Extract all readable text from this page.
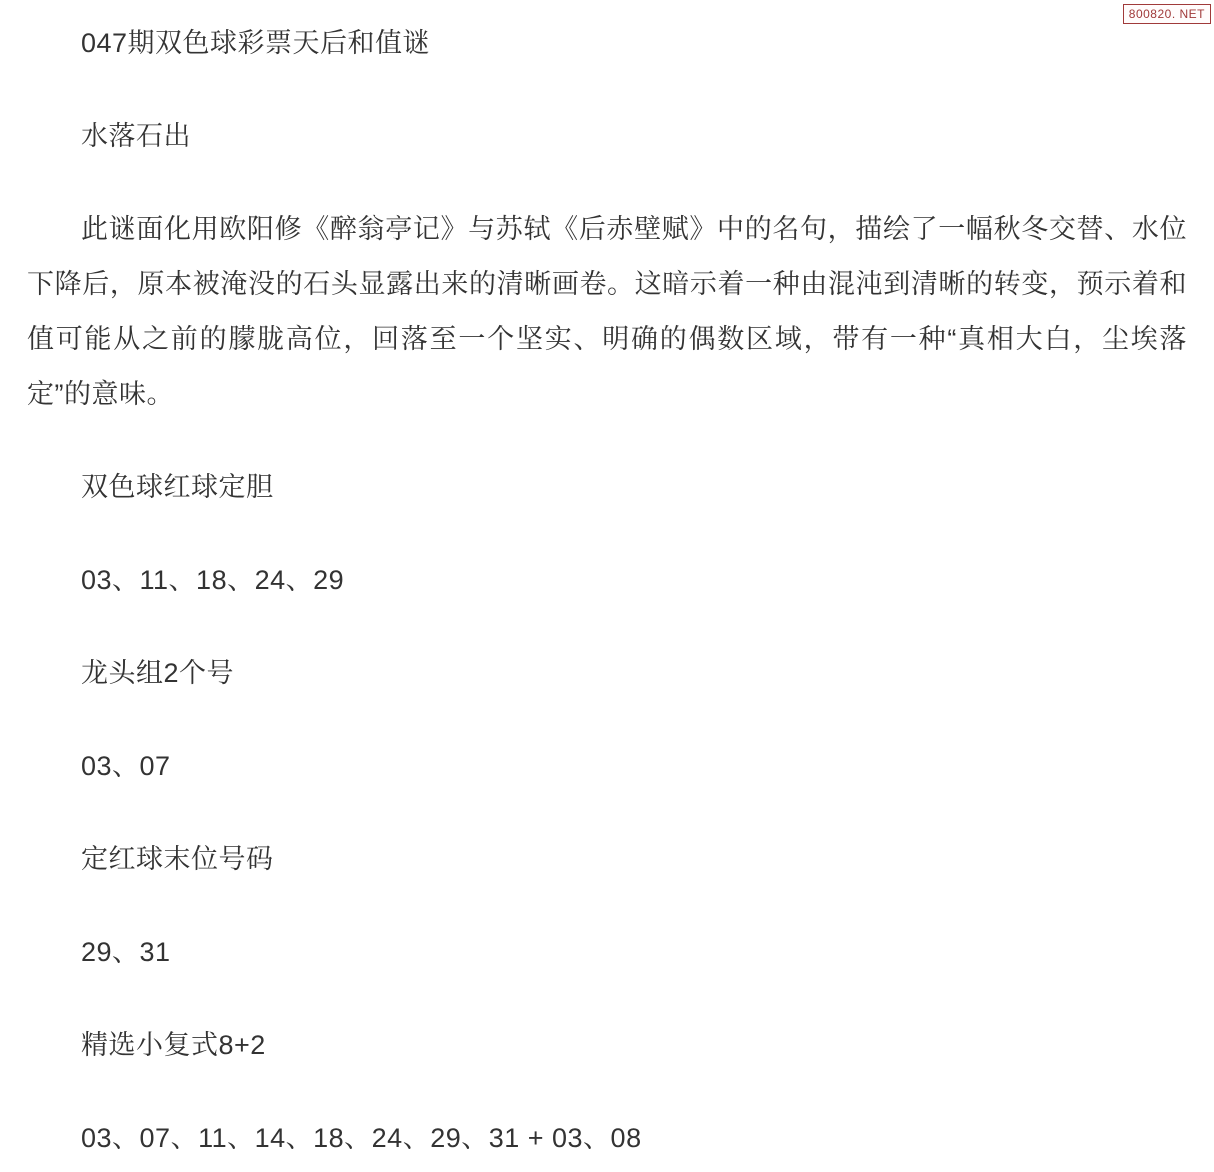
800820. NET

047期双色球彩票天后和值谜

水落石出

此谜面化用欧阳修《醉翁亭记》与苏轼《后赤壁赋》中的名句，描绘了一幅秋冬交替、水位下降后，原本被淹没的石头显露出来的清晰画卷。这暗示着一种由混沌到清晰的转变，预示着和值可能从之前的朦胧高位，回落至一个坚实、明确的偶数区域，带有一种“真相大白，尘埃落定”的意味。

双色球红球定胆

03、11、18、24、29

龙头组2个号

03、07

定红球末位号码

29、31

精选小复式8+2

03、07、11、14、18、24、29、31 + 03、08
